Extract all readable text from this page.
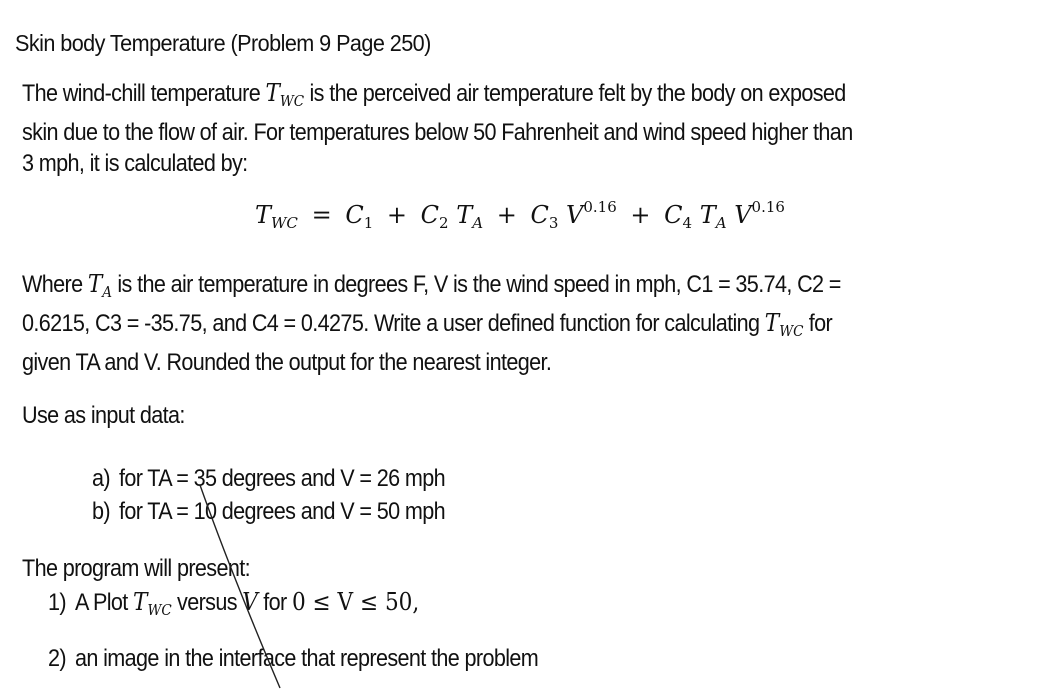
Skin body Temperature (Problem 9 Page 250)
The wind-chill temperature $T_{WC}$ is the perceived air temperature felt by the body on exposed
skin due to the flow of air. For temperatures below 50 Fahrenheit and wind speed higher than
3 mph, it is calculated by:
$T_{WC} = C_1 + C_2$ $T_A + C_3$ $V^{0.16} + C_4$ $T_A$ $V^{0.16}$
Where $T_A$ is the air temperature in degrees F, V is the wind speed in mph, C1 = 35.74, C2 =
0.6215, C3 = -35.75, and C4 = 0.4275. Write a user defined function for calculating $T_{WC}$ for
given TA and V. Rounded the output for the nearest integer.
Use as input data:
a) for TA = 35 degrees and V = 26 mph
b) for TA = 10 degrees and V = 50 mph
The program will present:
1) A Plot $T_{WC}$ versus V for 0 ≤ V ≤ 50,
2) an image in the interface that represent the problem
